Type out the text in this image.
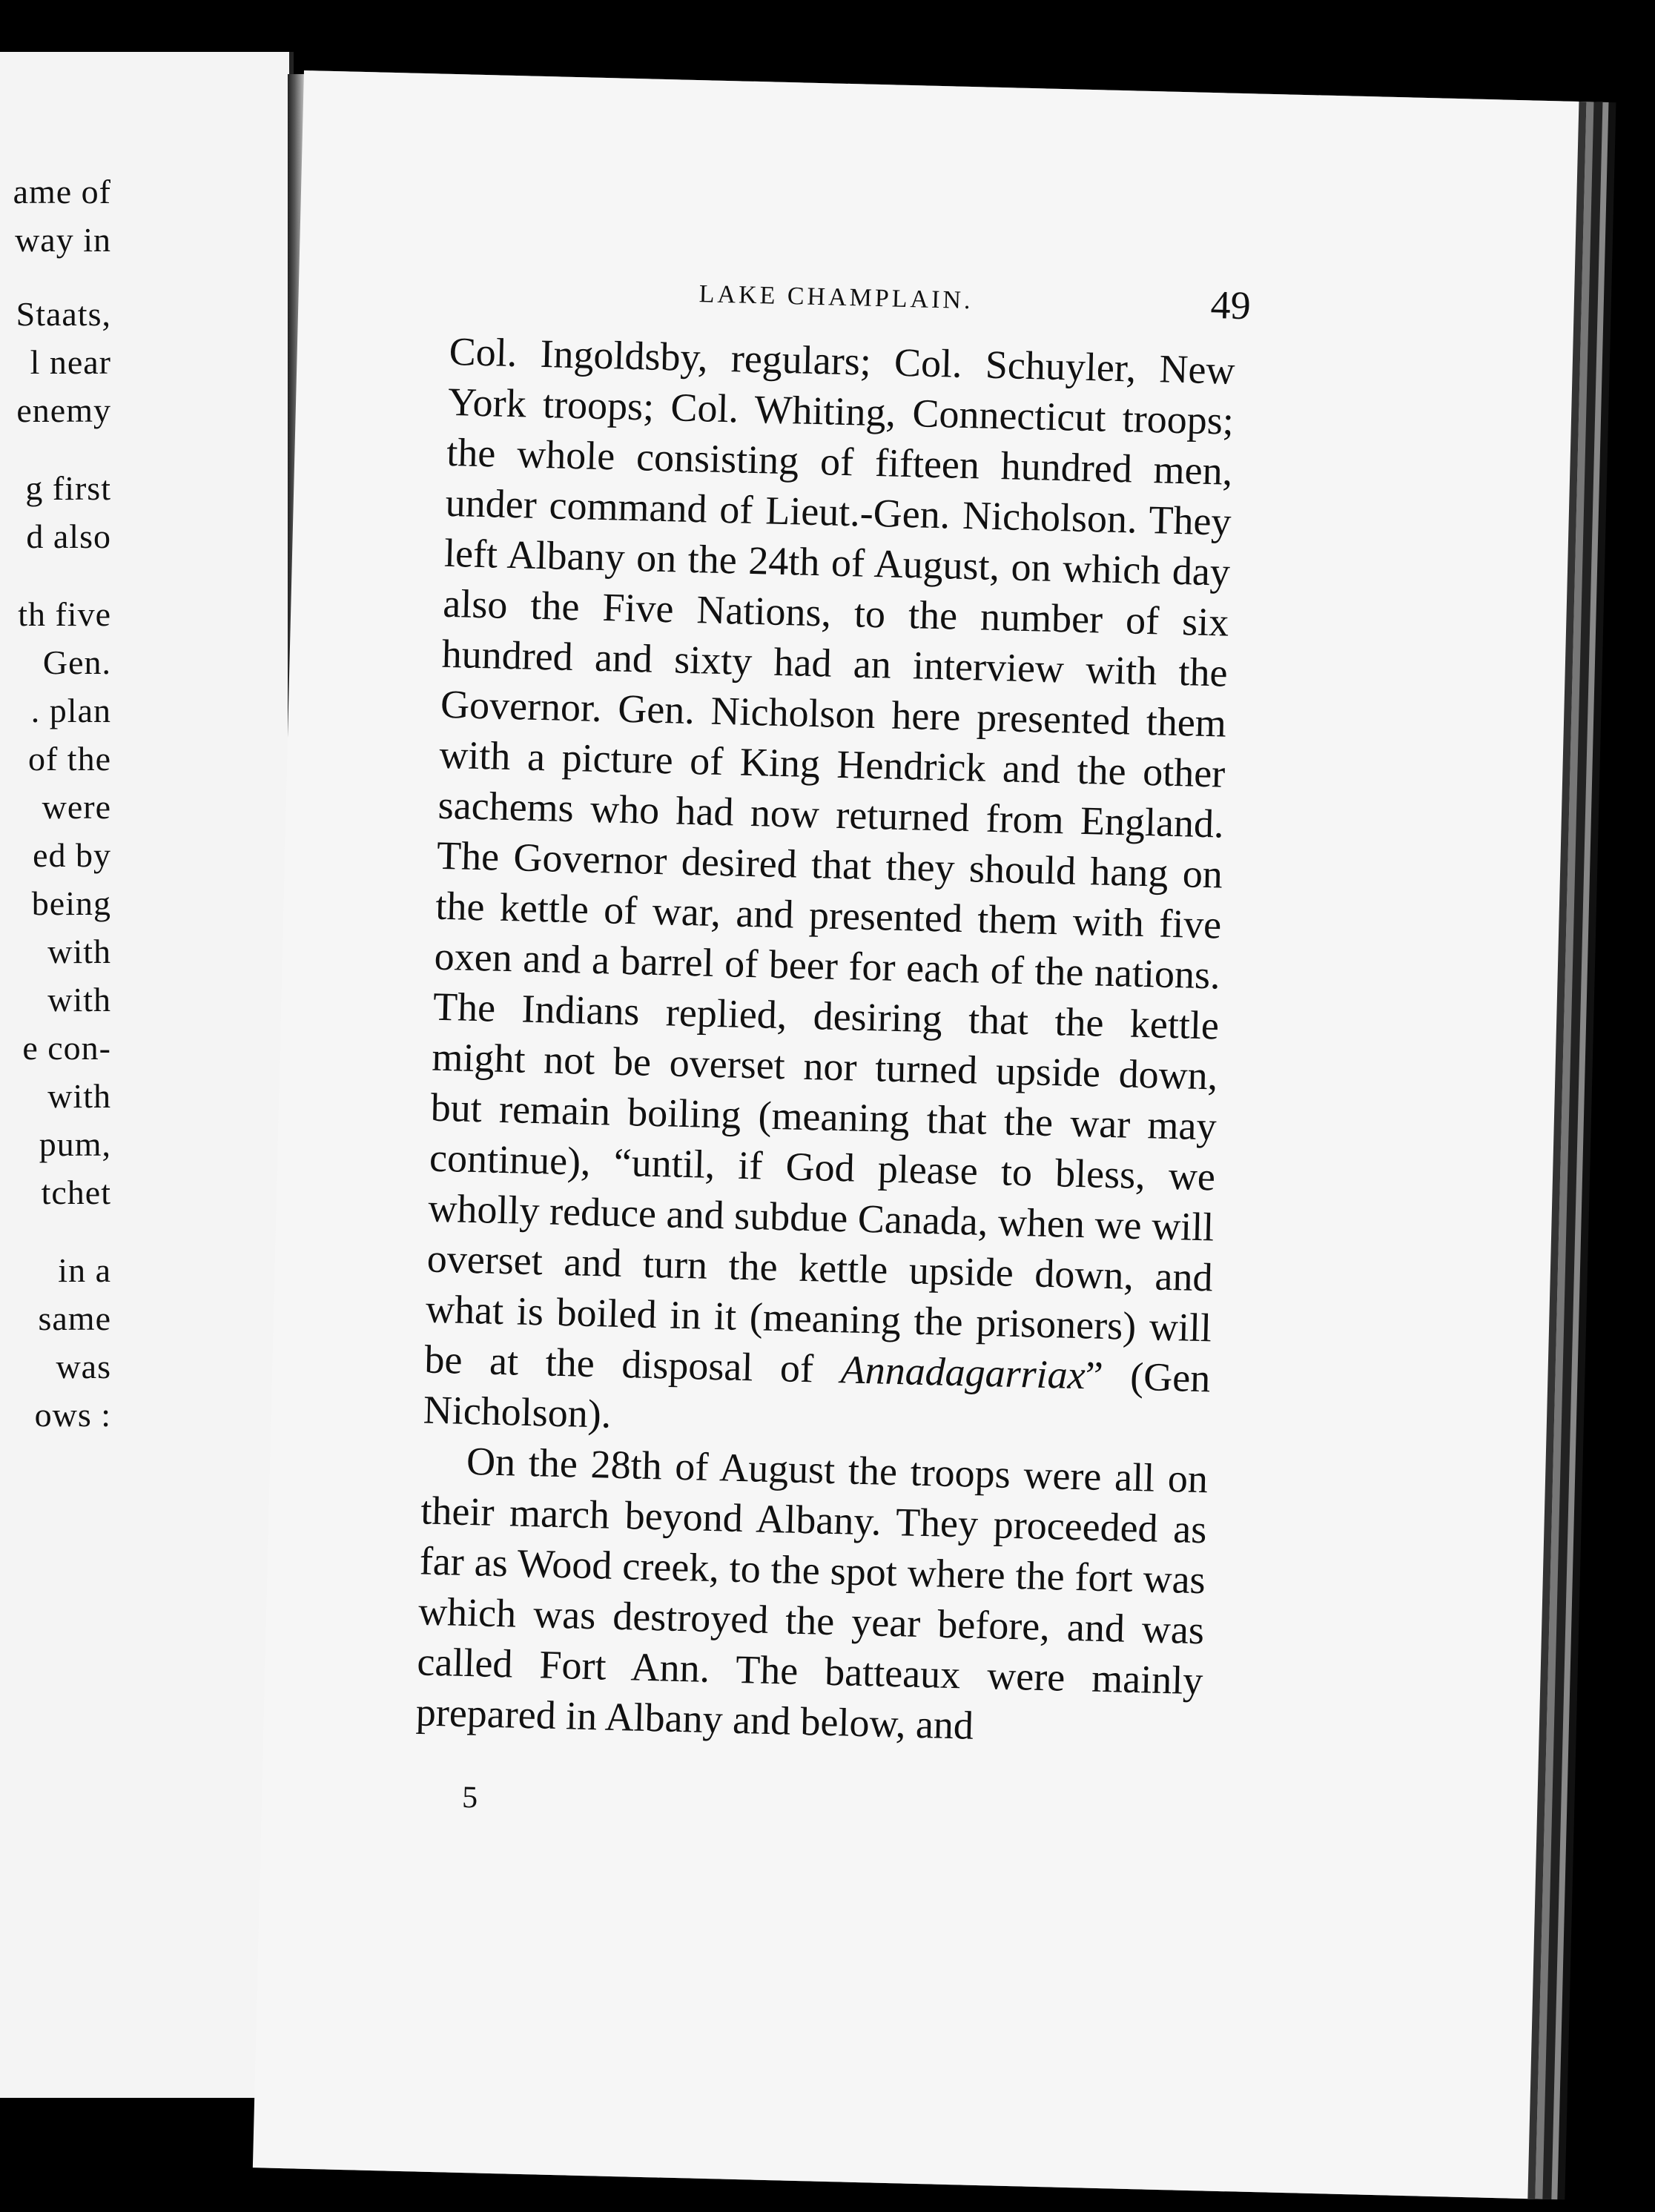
ame of
way in
Staats,
l near
enemy
g first
d also
th five
Gen.
. plan
of the
were
ed by
being
with
with
e con-
with
pum,
tchet
in a
same
was
ows :
LAKE CHAMPLAIN.	49

Col. Ingoldsby, regulars; Col. Schuyler, New York troops; Col. Whiting, Connecticut troops; the whole consisting of fifteen hundred men, under command of Lieut.-Gen. Nicholson. They left Albany on the 24th of August, on which day also the Five Nations, to the number of six hundred and sixty had an interview with the Governor. Gen. Nicholson here presented them with a picture of King Hendrick and the other sachems who had now returned from England. The Governor desired that they should hang on the kettle of war, and presented them with five oxen and a barrel of beer for each of the nations. The Indians replied, desiring that the kettle might not be overset nor turned upside down, but remain boiling (meaning that the war may continue), “until, if God please to bless, we wholly reduce and subdue Canada, when we will overset and turn the kettle upside down, and what is boiled in it (meaning the prisoners) will be at the disposal of Annadagarriax” (Gen Nicholson).

On the 28th of August the troops were all on their march beyond Albany. They proceeded as far as Wood creek, to the spot where the fort was which was destroyed the year before, and was called Fort Ann. The batteaux were mainly prepared in Albany and below, and

5
